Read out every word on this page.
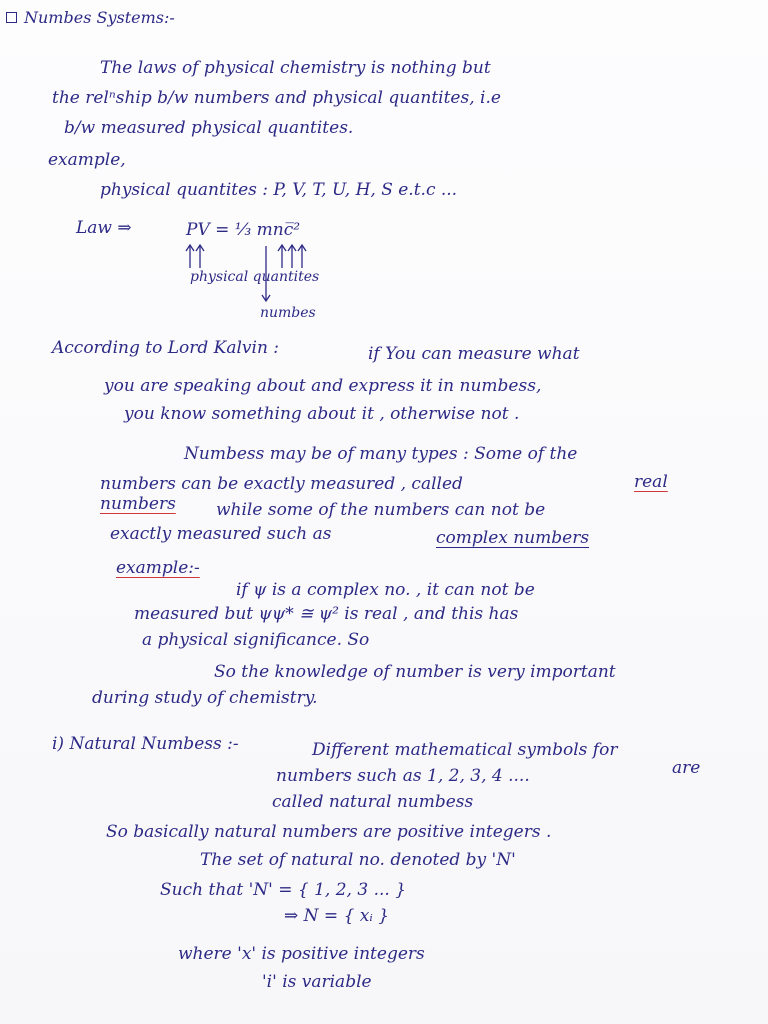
Numbes Systems:-
The laws of physical chemistry is nothing but
the relⁿship b/w numbers and physical quantites, i.e
b/w measured physical quantites.
example,
physical quantites : P, V, T, U, H, S e.t.c ...
Law ⇒	PV = ⅓ mnc̅²
physical quantites
numbes
According to Lord Kalvin :	if You can measure what
you are speaking about and express it in numbess,
you know something about it , otherwise not .
Numbess may be of many types : Some of the
numbers can be exactly measured , called	real
numbers while some of the numbers can not be
exactly measured such as	complex numbers
example:-
if ψ is a complex no. , it can not be
measured but ψψ* ≅ ψ² is real , and this has
a physical significance. So
So the knowledge of number is very important
during study of chemistry.
i) Natural Numbess :-	Different mathematical symbols for
are
numbers such as 1, 2, 3, 4 ....
called natural numbess
So basically natural numbers are positive integers .
The set of natural no. denoted by 'N'
Such that 'N' = { 1, 2, 3 ... }
⇒ N = { xᵢ }
where 'x' is positive integers
'i' is variable
